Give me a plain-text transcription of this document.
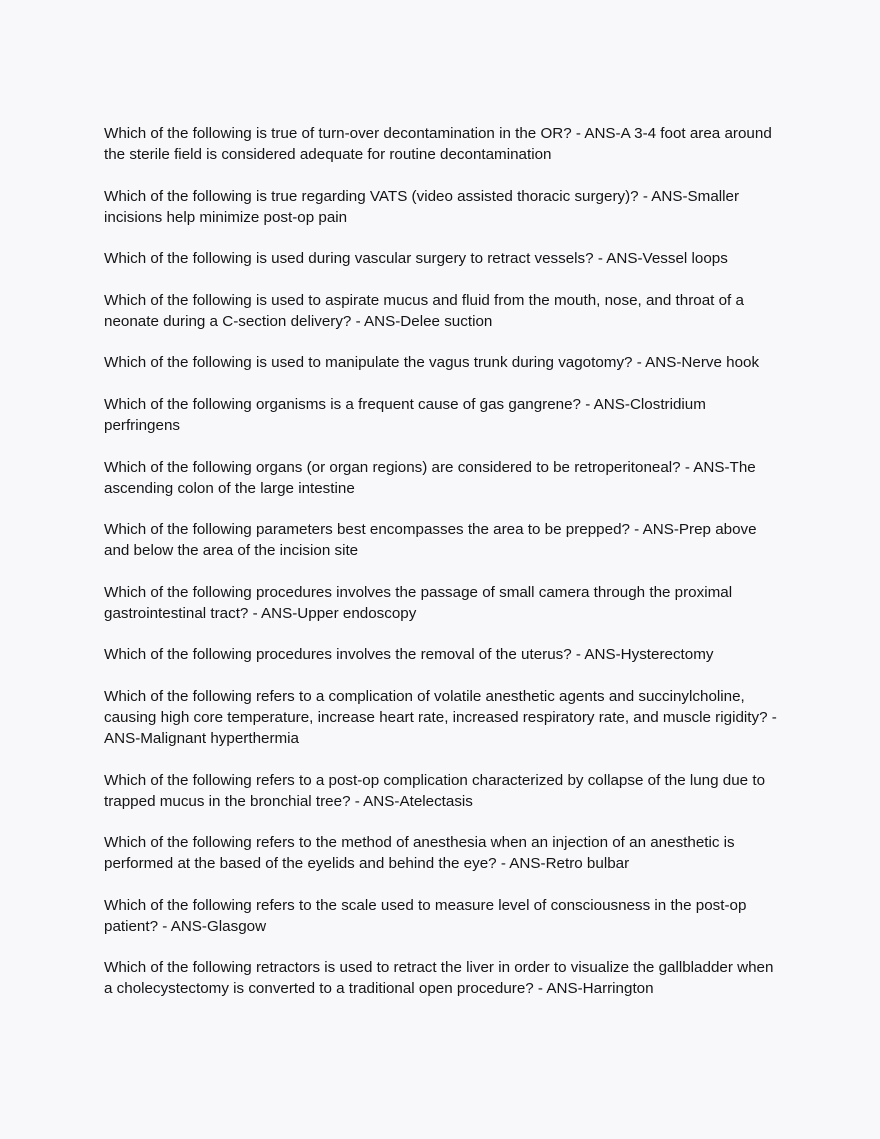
Which of the following is true of turn-over decontamination in the OR? - ANS-A 3-4 foot area around the sterile field is considered adequate for routine decontamination

Which of the following is true regarding VATS (video assisted thoracic surgery)? - ANS-Smaller incisions help minimize post-op pain

Which of the following is used during vascular surgery to retract vessels? - ANS-Vessel loops

Which of the following is used to aspirate mucus and fluid from the mouth, nose, and throat of a neonate during a C-section delivery? - ANS-Delee suction

Which of the following is used to manipulate the vagus trunk during vagotomy? - ANS-Nerve hook

Which of the following organisms is a frequent cause of gas gangrene? - ANS-Clostridium perfringens

Which of the following organs (or organ regions) are considered to be retroperitoneal? - ANS-The ascending colon of the large intestine

Which of the following parameters best encompasses the area to be prepped? - ANS-Prep above and below the area of the incision site

Which of the following procedures involves the passage of small camera through the proximal gastrointestinal tract? - ANS-Upper endoscopy

Which of the following procedures involves the removal of the uterus? - ANS-Hysterectomy

Which of the following refers to a complication of volatile anesthetic agents and succinylcholine, causing high core temperature, increase heart rate, increased respiratory rate, and muscle rigidity? - ANS-Malignant hyperthermia

Which of the following refers to a post-op complication characterized by collapse of the lung due to trapped mucus in the bronchial tree? - ANS-Atelectasis

Which of the following refers to the method of anesthesia when an injection of an anesthetic is performed at the based of the eyelids and behind the eye? - ANS-Retro bulbar

Which of the following refers to the scale used to measure level of consciousness in the post-op patient? - ANS-Glasgow

Which of the following retractors is used to retract the liver in order to visualize the gallbladder when a cholecystectomy is converted to a traditional open procedure? - ANS-Harrington
